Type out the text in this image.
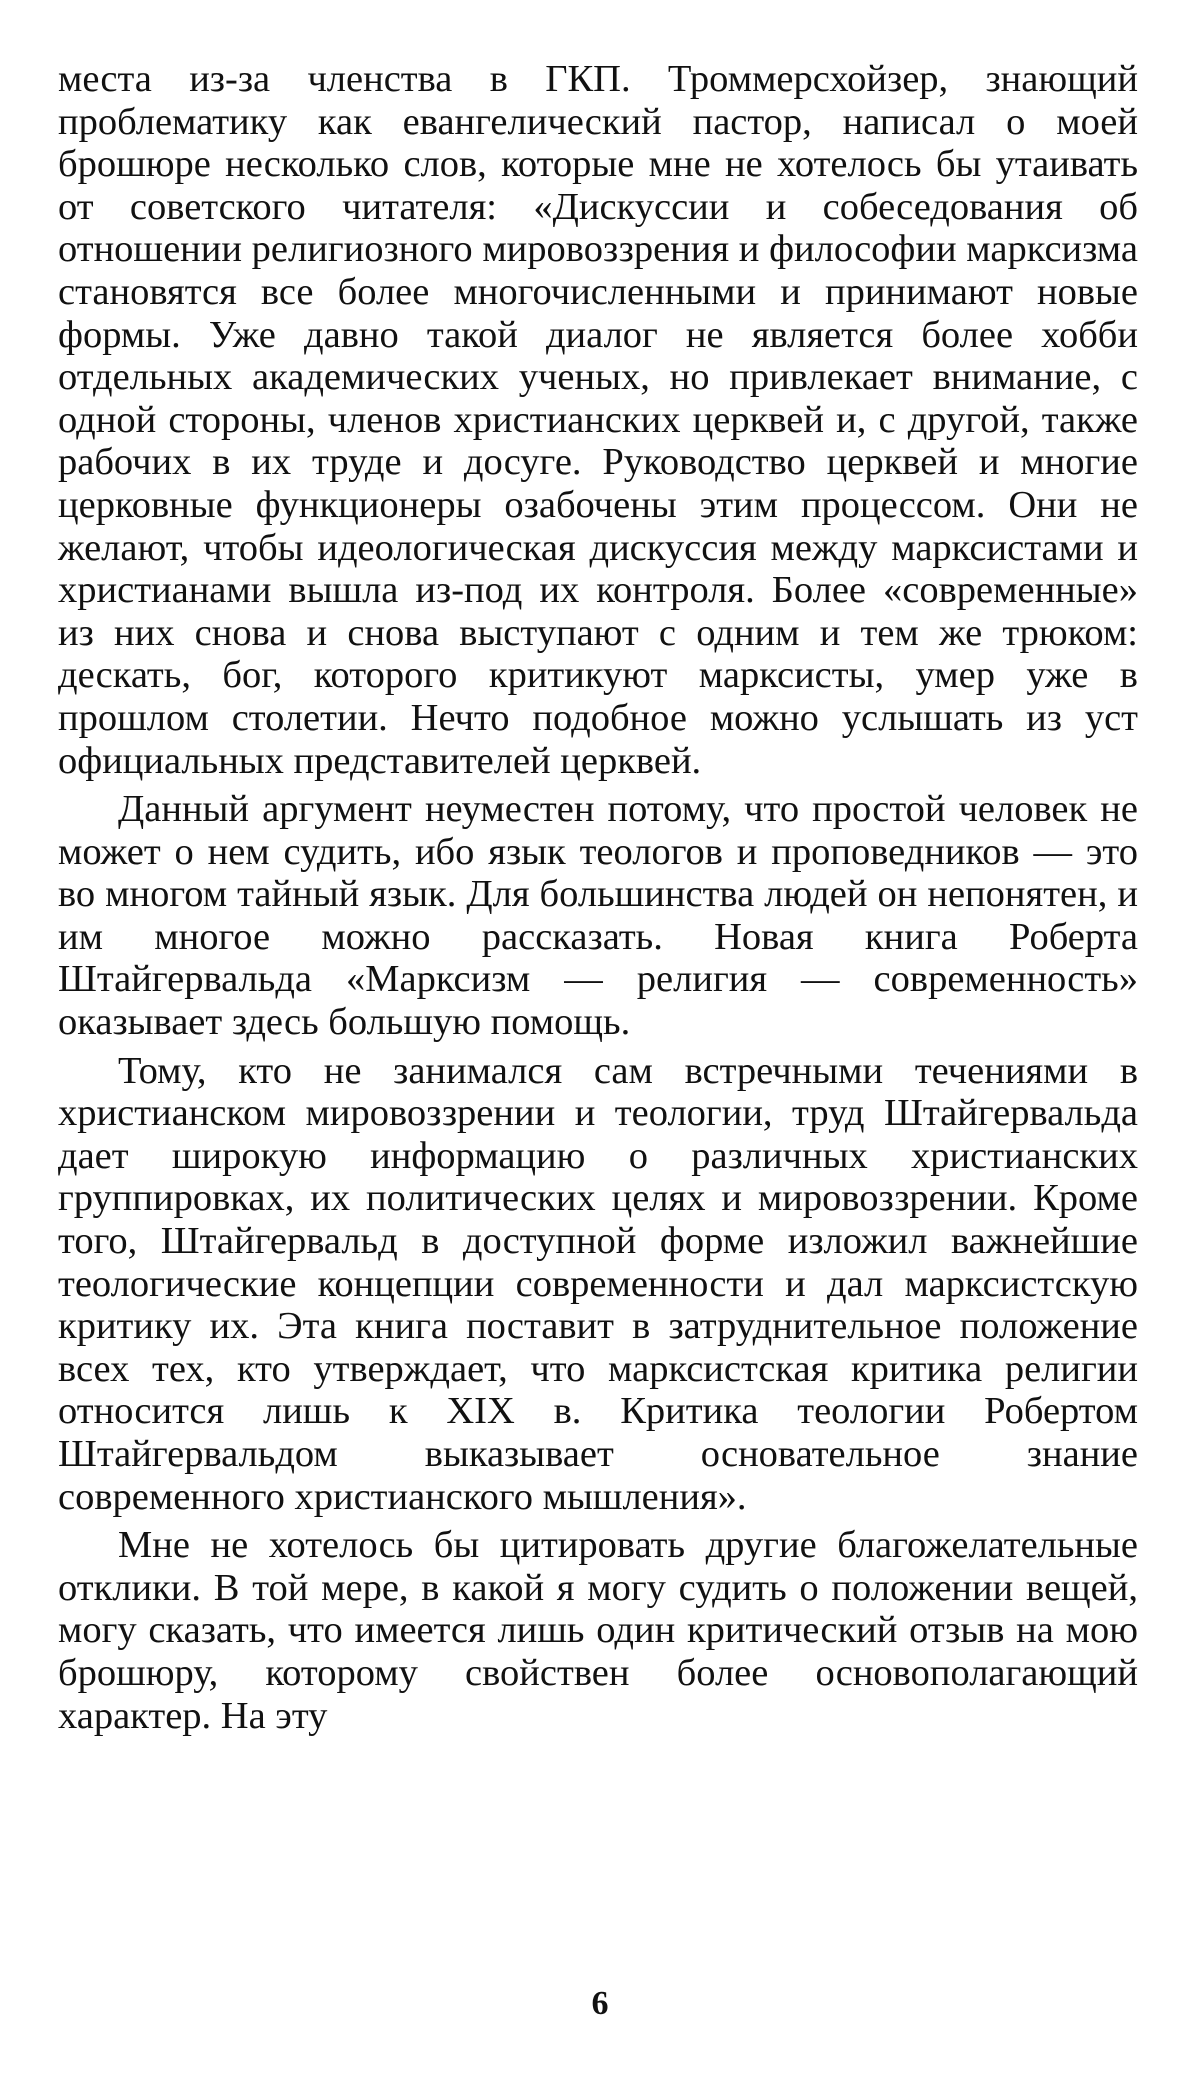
места из-за членства в ГКП. Троммерсхойзер, знающий проблематику как евангелический пастор, написал о моей брошюре несколько слов, которые мне не хотелось бы утаивать от советского читателя: «Дискуссии и собеседования об отношении религиозного мировоззрения и философии марксизма становятся все более многочисленными и принимают новые формы. Уже давно такой диалог не является более хобби отдельных академических ученых, но привлекает внимание, с одной стороны, членов христианских церквей и, с другой, также рабочих в их труде и досуге. Руководство церквей и многие церковные функционеры озабочены этим процессом. Они не желают, чтобы идеологическая дискуссия между марксистами и христианами вышла из-под их контроля. Более «современные» из них снова и снова выступают с одним и тем же трюком: дескать, бог, которого критикуют марксисты, умер уже в прошлом столетии. Нечто подобное можно услышать из уст официальных представителей церквей.

Данный аргумент неуместен потому, что простой человек не может о нем судить, ибо язык теологов и проповедников — это во многом тайный язык. Для большинства людей он непонятен, и им многое можно рассказать. Новая книга Роберта Штайгервальда «Марксизм — религия — современность» оказывает здесь большую помощь.

Тому, кто не занимался сам встречными течениями в христианском мировоззрении и теологии, труд Штайгервальда дает широкую информацию о различных христианских группировках, их политических целях и мировоззрении. Кроме того, Штайгервальд в доступной форме изложил важнейшие теологические концепции современности и дал марксистскую критику их. Эта книга поставит в затруднительное положение всех тех, кто утверждает, что марксистская критика религии относится лишь к XIX в. Критика теологии Робертом Штайгервальдом выказывает основательное знание современного христианского мышления».

Мне не хотелось бы цитировать другие благожелательные отклики. В той мере, в какой я могу судить о положении вещей, могу сказать, что имеется лишь один критический отзыв на мою брошюру, которому свойствен более основополагающий характер. На эту

6
